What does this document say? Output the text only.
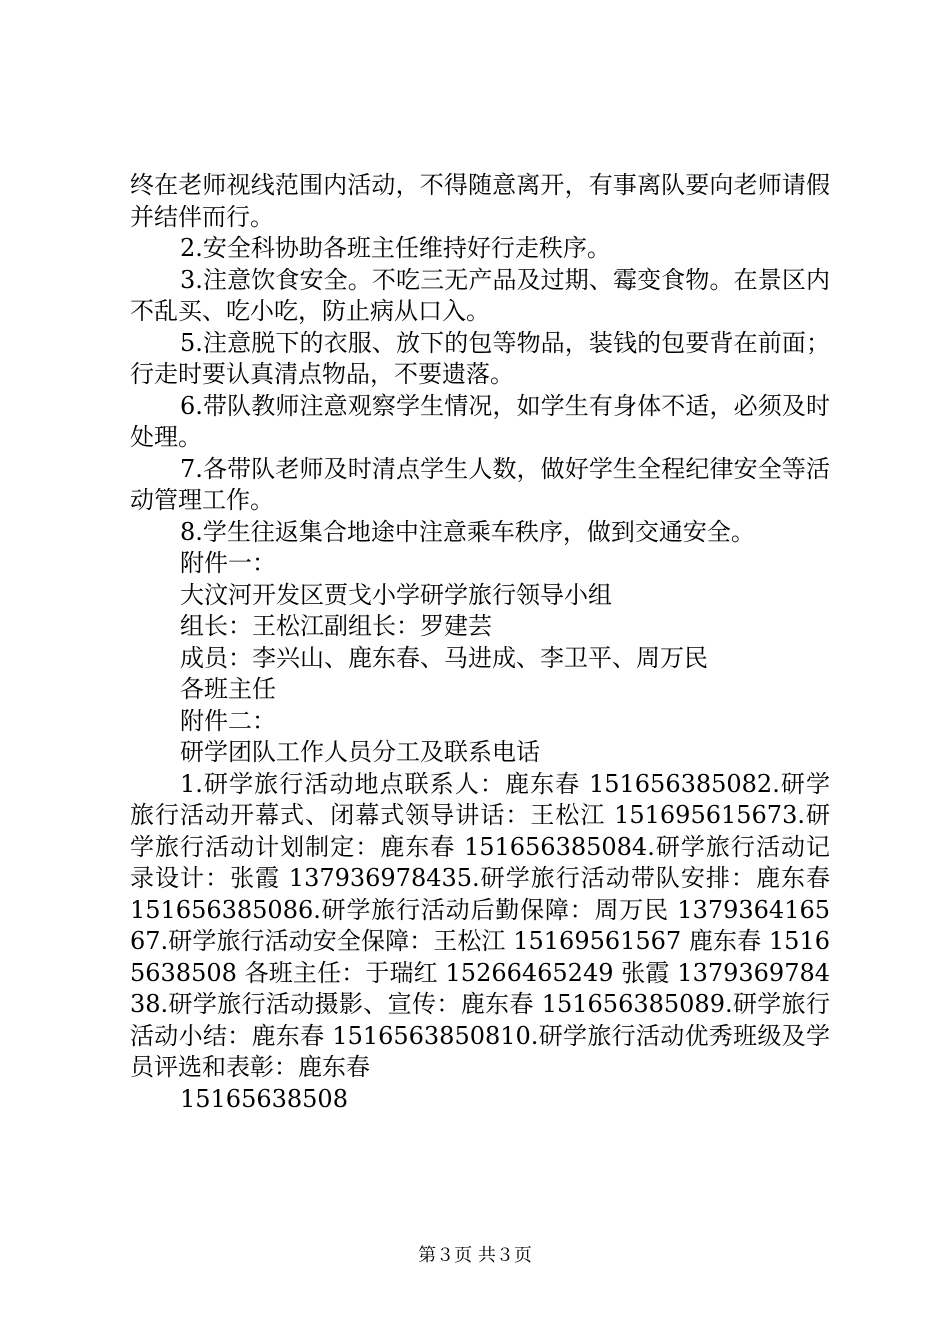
终在老师视线范围内活动，不得随意离开，有事离队要向老师请假并结伴而行。

2.安全科协助各班主任维持好行走秩序。

3.注意饮食安全。不吃三无产品及过期、霉变食物。在景区内不乱买、吃小吃，防止病从口入。

5.注意脱下的衣服、放下的包等物品，装钱的包要背在前面；行走时要认真清点物品，不要遗落。

6.带队教师注意观察学生情况，如学生有身体不适，必须及时处理。

7.各带队老师及时清点学生人数，做好学生全程纪律安全等活动管理工作。

8.学生往返集合地途中注意乘车秩序，做到交通安全。

附件一：

大汶河开发区贾戈小学研学旅行领导小组

组长：王松江副组长：罗建芸

成员：李兴山、鹿东春、马进成、李卫平、周万民

各班主任

附件二：

研学团队工作人员分工及联系电话

1.研学旅行活动地点联系人：鹿东春 151656385082.研学旅行活动开幕式、闭幕式领导讲话：王松江 151695615673.研学旅行活动计划制定：鹿东春 151656385084.研学旅行活动记录设计：张霞 137936978435.研学旅行活动带队安排：鹿东春 151656385086.研学旅行活动后勤保障：周万民 137936416567.研学旅行活动安全保障：王松江 15169561567 鹿东春 15165638508 各班主任：于瑞红 15266465249 张霞 137936978438.研学旅行活动摄影、宣传：鹿东春 151656385089.研学旅行活动小结：鹿东春 1516563850810.研学旅行活动优秀班级及学员评选和表彰：鹿东春

15165638508

第３页 共３页
